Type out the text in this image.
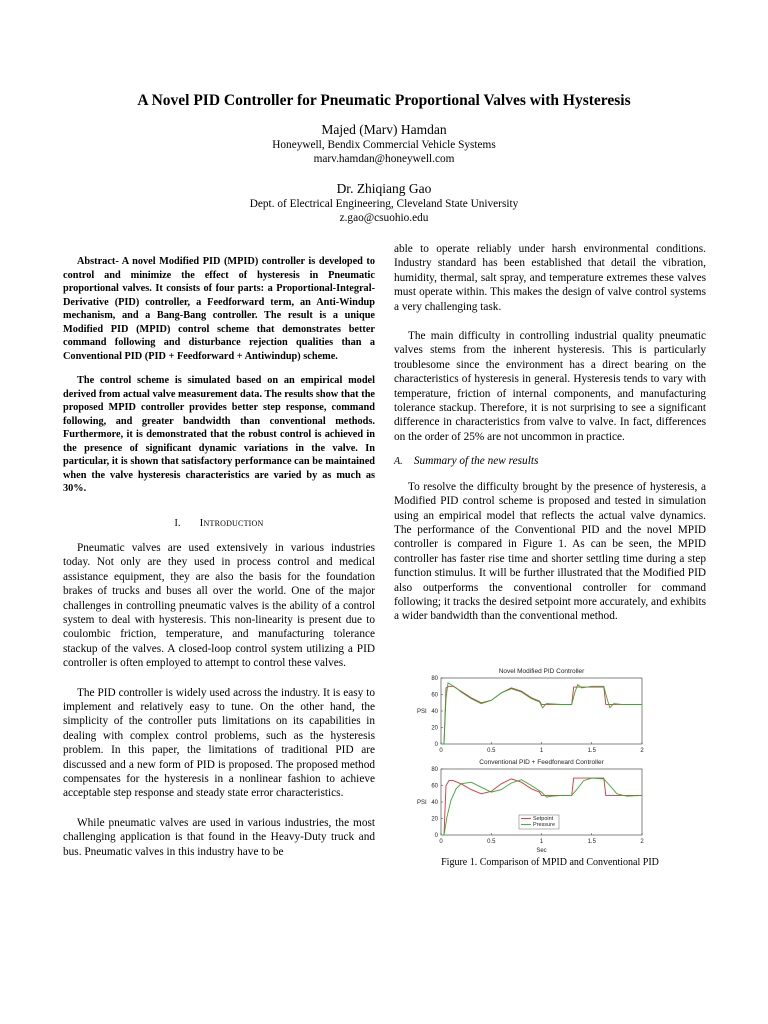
A Novel PID Controller for Pneumatic Proportional Valves with Hysteresis
Majed (Marv) Hamdan
Honeywell, Bendix Commercial Vehicle Systems
marv.hamdan@honeywell.com
Dr. Zhiqiang Gao
Dept. of Electrical Engineering, Cleveland State University
z.gao@csuohio.edu

Abstract- A novel Modified PID (MPID) controller is developed to control and minimize the effect of hysteresis in Pneumatic proportional valves. It consists of four parts: a Proportional-Integral-Derivative (PID) controller, a Feedforward term, an Anti-Windup mechanism, and a Bang-Bang controller. The result is a unique Modified PID (MPID) control scheme that demonstrates better command following and disturbance rejection qualities than a Conventional PID (PID + Feedforward + Antiwindup) scheme.

The control scheme is simulated based on an empirical model derived from actual valve measurement data. The results show that the proposed MPID controller provides better step response, command following, and greater bandwidth than conventional methods. Furthermore, it is demonstrated that the robust control is achieved in the presence of significant dynamic variations in the valve. In particular, it is shown that satisfactory performance can be maintained when the valve hysteresis characteristics are varied by as much as 30%.

I. Introduction

Pneumatic valves are used extensively in various industries today. Not only are they used in process control and medical assistance equipment, they are also the basis for the foundation brakes of trucks and buses all over the world. One of the major challenges in controlling pneumatic valves is the ability of a control system to deal with hysteresis. This non-linearity is present due to coulombic friction, temperature, and manufacturing tolerance stackup of the valves. A closed-loop control system utilizing a PID controller is often employed to attempt to control these valves.

The PID controller is widely used across the industry. It is easy to implement and relatively easy to tune. On the other hand, the simplicity of the controller puts limitations on its capabilities in dealing with complex control problems, such as the hysteresis problem. In this paper, the limitations of traditional PID are discussed and a new form of PID is proposed. The proposed method compensates for the hysteresis in a nonlinear fashion to achieve acceptable step response and steady state error characteristics.

While pneumatic valves are used in various industries, the most challenging application is that found in the Heavy-Duty truck and bus. Pneumatic valves in this industry have to be

able to operate reliably under harsh environmental conditions. Industry standard has been established that detail the vibration, humidity, thermal, salt spray, and temperature extremes these valves must operate within. This makes the design of valve control systems a very challenging task.

The main difficulty in controlling industrial quality pneumatic valves stems from the inherent hysteresis. This is particularly troublesome since the environment has a direct bearing on the characteristics of hysteresis in general. Hysteresis tends to vary with temperature, friction of internal components, and manufacturing tolerance stackup. Therefore, it is not surprising to see a significant difference in characteristics from valve to valve. In fact, differences on the order of 25% are not uncommon in practice.

A. Summary of the new results

To resolve the difficulty brought by the presence of hysteresis, a Modified PID control scheme is proposed and tested in simulation using an empirical model that reflects the actual valve dynamics. The performance of the Conventional PID and the novel MPID controller is compared in Figure 1. As can be seen, the MPID controller has faster rise time and shorter settling time during a step function stimulus. It will be further illustrated that the Modified PID also outperforms the conventional controller for command following; it tracks the desired setpoint more accurately, and exhibits a wider bandwidth than the conventional method.

Novel Modified PID Controller
0	0.5	1	1.5	2
0
20
40
60
80
PSI
Conventional PID + Feedforward Controller
0	0.5	1	1.5	2
0
20
40
60
80
PSI
Sec
Setpoint
Pressure
Figure 1. Comparison of MPID and Conventional PID
